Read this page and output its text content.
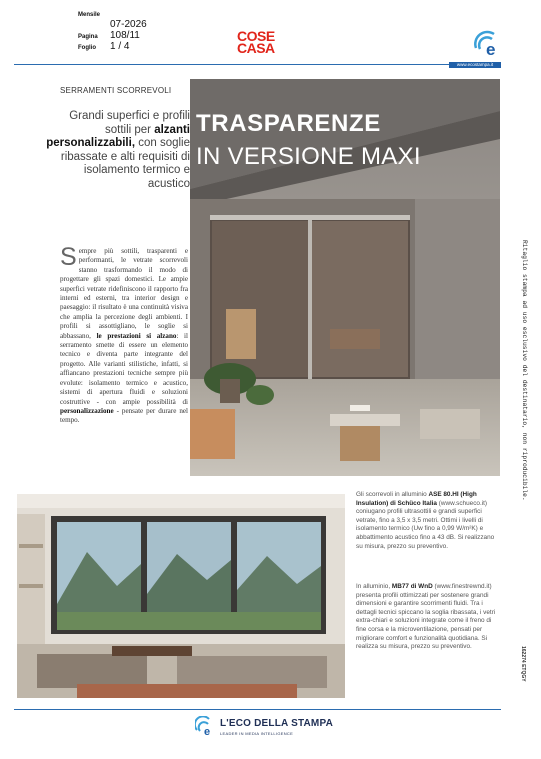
Mensile
07-2026
Pagina	108/11
Foglio	1 / 4
COSE
CASA	e
www.ecostampa.it
SERRAMENTI SCORREVOLI
Grandi superfici e profili sottili per alzanti personalizzabili, con soglie ribassate e alti requisiti di isolamento termico e acustico
Sempre più sottili, trasparenti e performanti, le vetrate scorrevoli stanno trasformando il modo di progettare gli spazi domestici. Le ampie superfici vetrate ridefiniscono il rapporto fra interni ed esterni, tra interior design e paesaggio: il risultato è una continuità visiva che amplia la percezione degli ambienti. I profili si assottigliano, le soglie si abbassano, le prestazioni si alzano: il serramento smette di essere un elemento tecnico e diventa parte integrante del progetto. Alle varianti stilistiche, infatti, si affiancano prestazioni tecniche sempre più evolute: isolamento termico e acustico, sistemi di apertura fluidi e soluzioni costruttive - con ampie possibilità di personalizzazione - pensate per durare nel tempo.
TRASPARENZE
IN VERSIONE MAXI
Gli scorrevoli in alluminio ASE 80.HI (High Insulation) di Schüco Italia (www.schueco.it) coniugano profili ultrasottili e grandi superfici vetrate, fino a 3,5 x 3,5 metri. Ottimi i livelli di isolamento termico (Uw fino a 0,99 W/m²K) e abbattimento acustico fino a 43 dB. Si realizzano su misura, prezzo su preventivo.
In alluminio, MB77 di WnD (www.finestrewnd.it) presenta profili ottimizzati per sostenere grandi dimensioni e garantire scorrimenti fluidi. Tra i dettagli tecnici spiccano la soglia ribassata, i vetri extra-chiari e soluzioni integrate come il freno di fine corsa e la microventilazione, pensati per migliorare comfort e funzionalità quotidiana. Si realizza su misura, prezzo su preventivo.
Ritaglio stampa ad uso esclusivo del destinatario, non riproducibile.
162274 ETQGY
e
L'ECO DELLA STAMPA
LEADER IN MEDIA INTELLIGENCE
